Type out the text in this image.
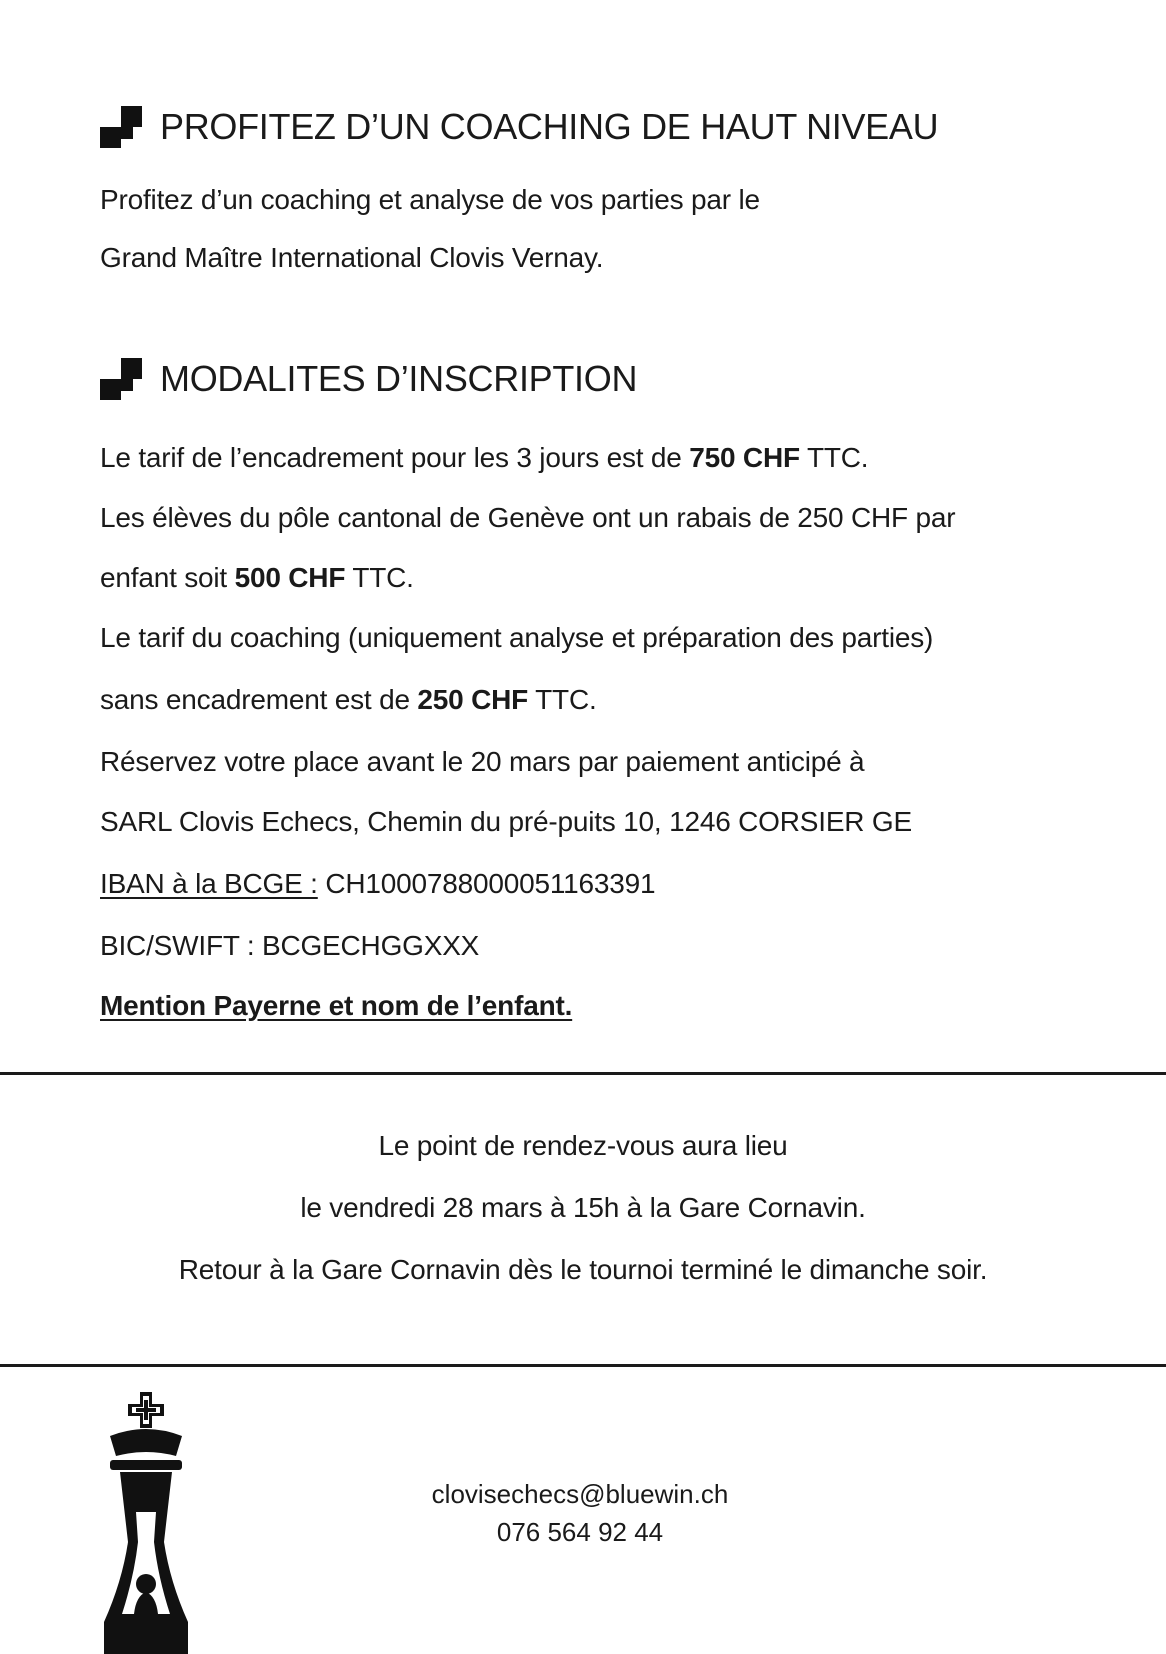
PROFITEZ D’UN COACHING DE HAUT NIVEAU
Profitez d’un coaching et analyse de vos parties par le
Grand Maître International Clovis Vernay.
MODALITES D’INSCRIPTION
Le tarif de l’encadrement pour les 3 jours est de 750 CHF TTC.
Les élèves du pôle cantonal de Genève ont un rabais de 250 CHF par
enfant soit 500 CHF TTC.
Le tarif du coaching (uniquement analyse et préparation des parties)
sans encadrement est de 250 CHF TTC.
Réservez votre place avant le 20 mars par paiement anticipé à
SARL Clovis Echecs, Chemin du pré-puits 10, 1246 CORSIER GE
IBAN à la BCGE : CH1000788000051163391
BIC/SWIFT : BCGECHGGXXX
Mention Payerne et nom de l’enfant.
Le point de rendez-vous aura lieu
le vendredi 28 mars à 15h à la Gare Cornavin.
Retour à la Gare Cornavin dès le tournoi terminé le dimanche soir.
clovisechecs@bluewin.ch
076 564 92 44
